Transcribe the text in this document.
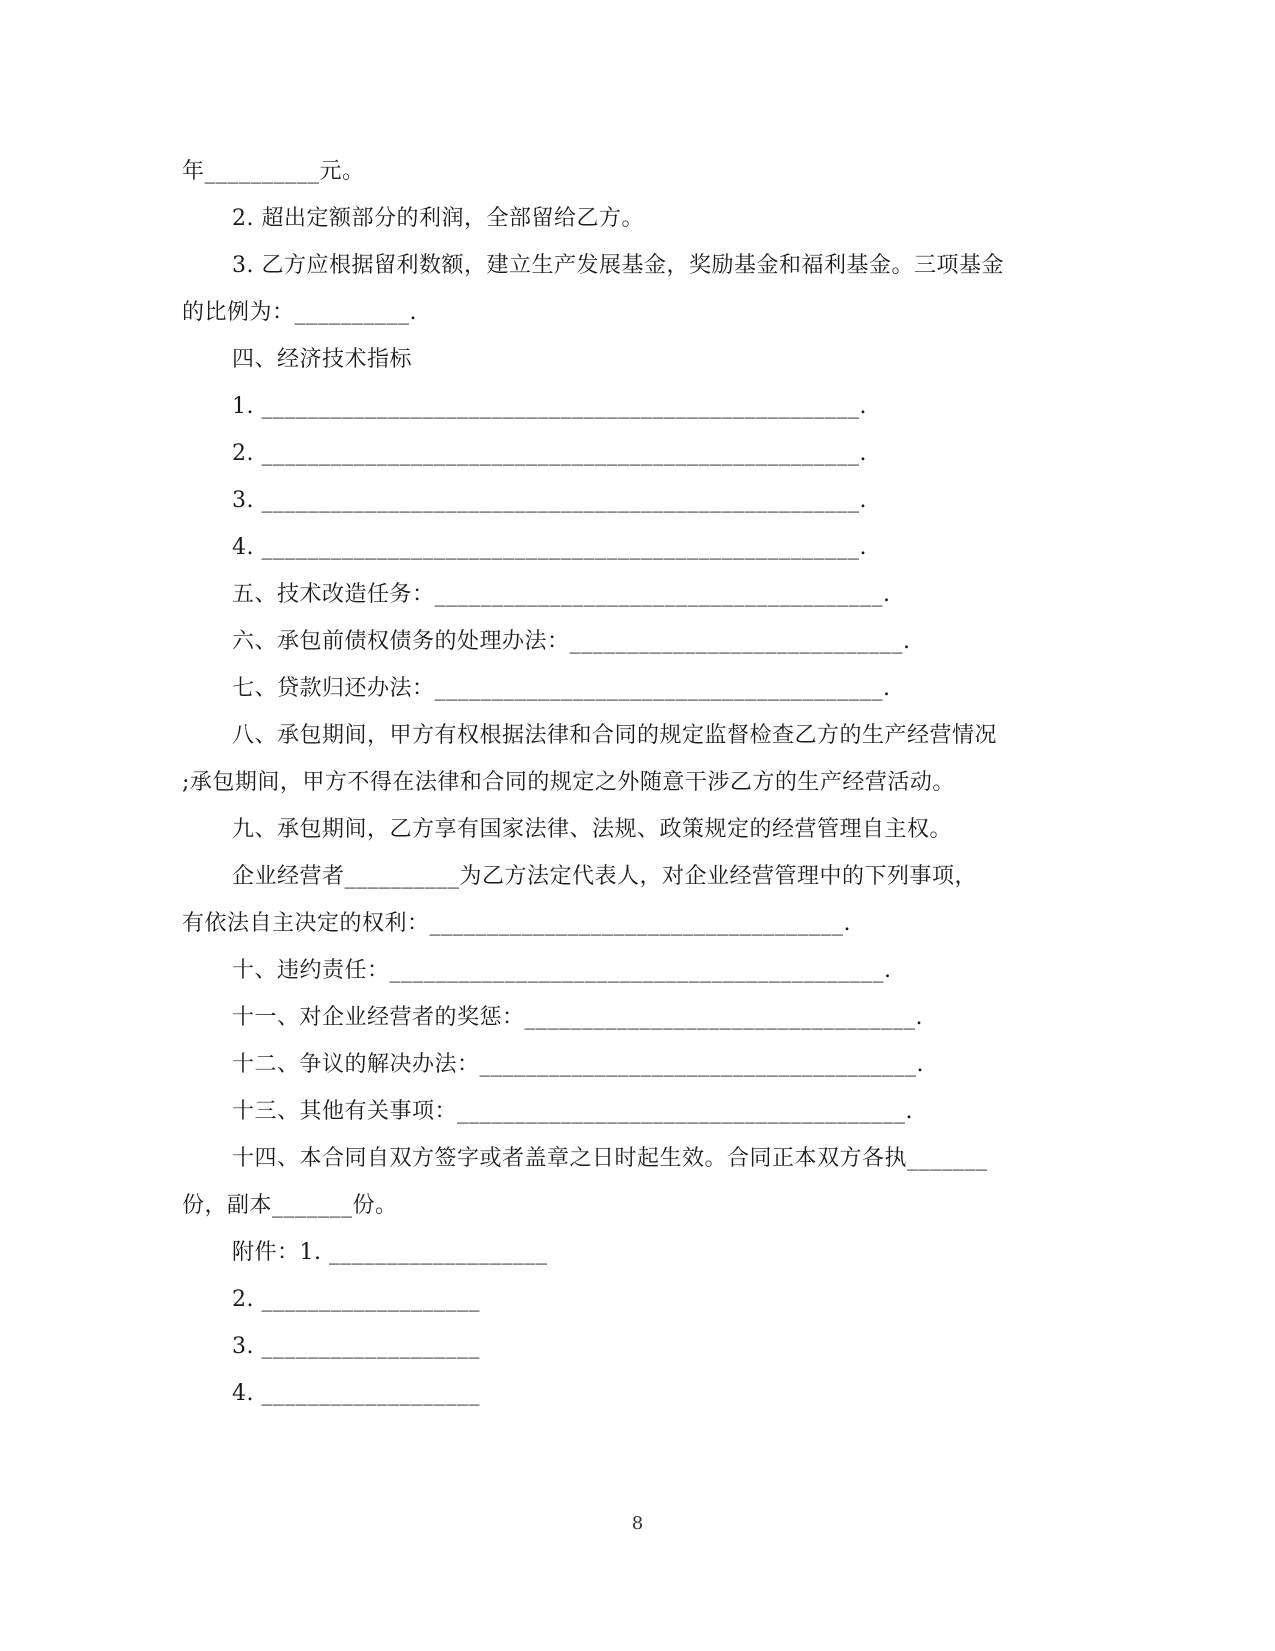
年__________元。
2. 超出定额部分的利润，全部留给乙方。
3. 乙方应根据留利数额，建立生产发展基金，奖励基金和福利基金。三项基金
的比例为：__________.
四、经济技术指标
1. ____________________________________________________.
2. ____________________________________________________.
3. ____________________________________________________.
4. ____________________________________________________.
五、技术改造任务：_______________________________________.
六、承包前债权债务的处理办法：_____________________________.
七、贷款归还办法：_______________________________________.
八、承包期间，甲方有权根据法律和合同的规定监督检查乙方的生产经营情况
;承包期间，甲方不得在法律和合同的规定之外随意干涉乙方的生产经营活动。
九、承包期间，乙方享有国家法律、法规、政策规定的经营管理自主权。
企业经营者__________为乙方法定代表人，对企业经营管理中的下列事项，
有依法自主决定的权利：____________________________________.
十、违约责任：___________________________________________.
十一、对企业经营者的奖惩：__________________________________.
十二、争议的解决办法：______________________________________.
十三、其他有关事项：_______________________________________.
十四、本合同自双方签字或者盖章之日时起生效。合同正本双方各执_______
份，副本_______份。
附件：1. ___________________
2. ___________________
3. ___________________
4. ___________________
8
